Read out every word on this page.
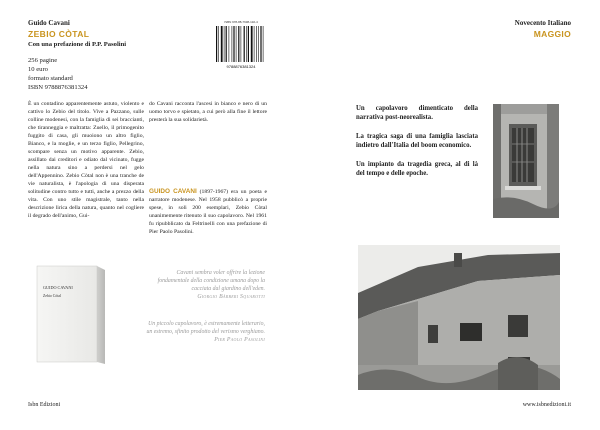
Guido Cavani
ZEBIO CÒTAL
Con una prefazione di P.P. Pasolini
256 pagine
10 euro
formato standard
ISBN 9788876381324
ISBN 978-88-7638-132-4
9788876381324
È un contadino apparentemente astuto, violento e cattivo lo Zebio del titolo. Vive a Pazzano, sulle colline modenesi, con la famiglia di sei braccianti, che tiranneggia e maltratta: Zuello, il primogenito fuggito di casa, gli muoiono un altro figlio, Bianco, e la moglie, e un terzo figlio, Pellegrino, scompare senza un motivo apparente. Zebio, assillato dai creditori e odiato dal vicinato, fugge nella natura sino a perdersi nel gelo dell'Appennino. Zebio Còtal non è una tranche de vie naturalista, è l'apologia di una disperata solitudine contro tutto e tutti, anche a prezzo della vita. Con uno stile magistrale, tanto nella descrizione lirica della natura, quanto nel cogliere il degrado dell'animo, Gui-
do Cavani racconta l'ascesi in bianco e nero di un uomo torvo e spietato, a cui però alla fine il lettore presterà la sua solidarietà.
GUIDO CAVANI (1897-1967) era un poeta e narratore modenese. Nel 1958 pubblicò a proprie spese, in soli 200 esemplari, Zebio Còtal unanimemente ritenuto il suo capolavoro. Nel 1961 fu ripubblicato da Feltrinelli con una prefazione di Pier Paolo Pasolini.
GUIDO CAVANI
Zebio Còtal
Cavani sembra voler offrire la lezione fondamentale della condizione umana dopo la cacciata dal giardino dell'eden.
Giorgio Bàrberi Squarotti
Un piccolo capolavoro, è estremamente letterario, un estremo, sfinito prodotto del verismo verghiano.
Pier Paolo Pasolini
Isbn Edizioni
Novecento Italiano
MAGGIO

Un capolavoro dimenticato della narrativa post-neorealista.

La tragica saga di una famiglia lasciata indietro dall'Italia del boom economico.

Un impianto da tragedia greca, al di là del tempo e delle epoche.

www.isbnedizioni.it
